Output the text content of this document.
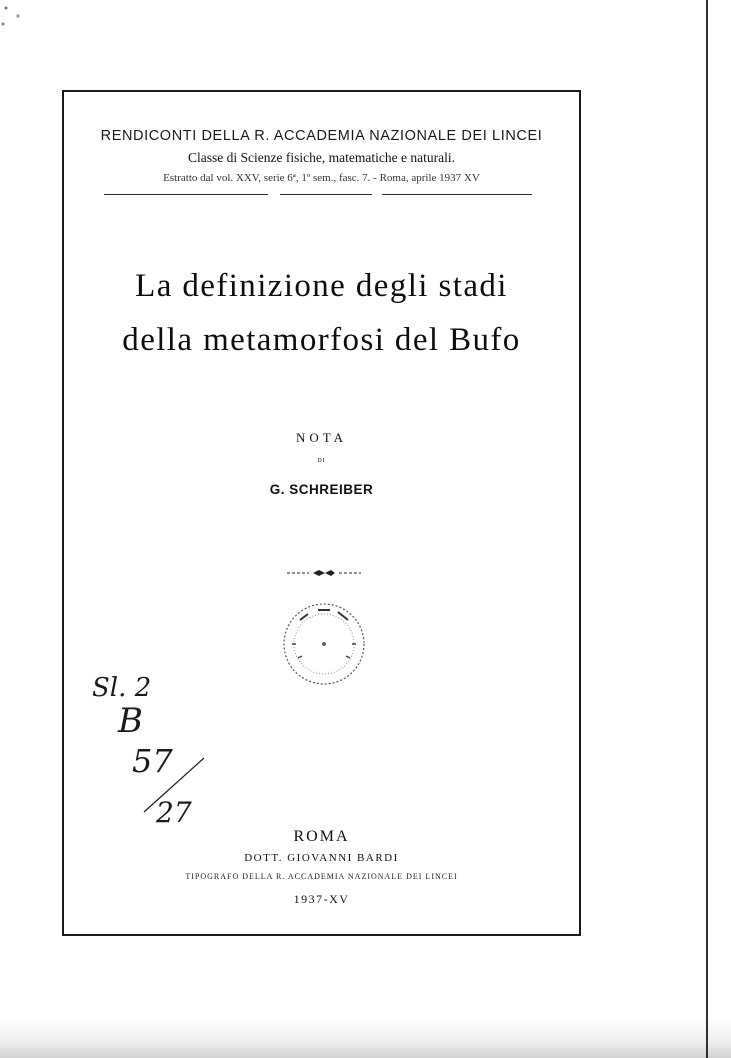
RENDICONTI DELLA R. ACCADEMIA NAZIONALE DEI LINCEI
Classe di Scienze fisiche, matematiche e naturali.
Estratto dal vol. XXV, serie 6ª, 1º sem., fasc. 7. - Roma, aprile 1937 XV
La definizione degli stadi
della metamorfosi del Bufo
NOTA
DI
G. SCHREIBER
Sl. 2
B
57
27
ROMA
DOTT. GIOVANNI BARDI
TIPOGRAFO DELLA R. ACCADEMIA NAZIONALE DEI LINCEI
1937-XV
